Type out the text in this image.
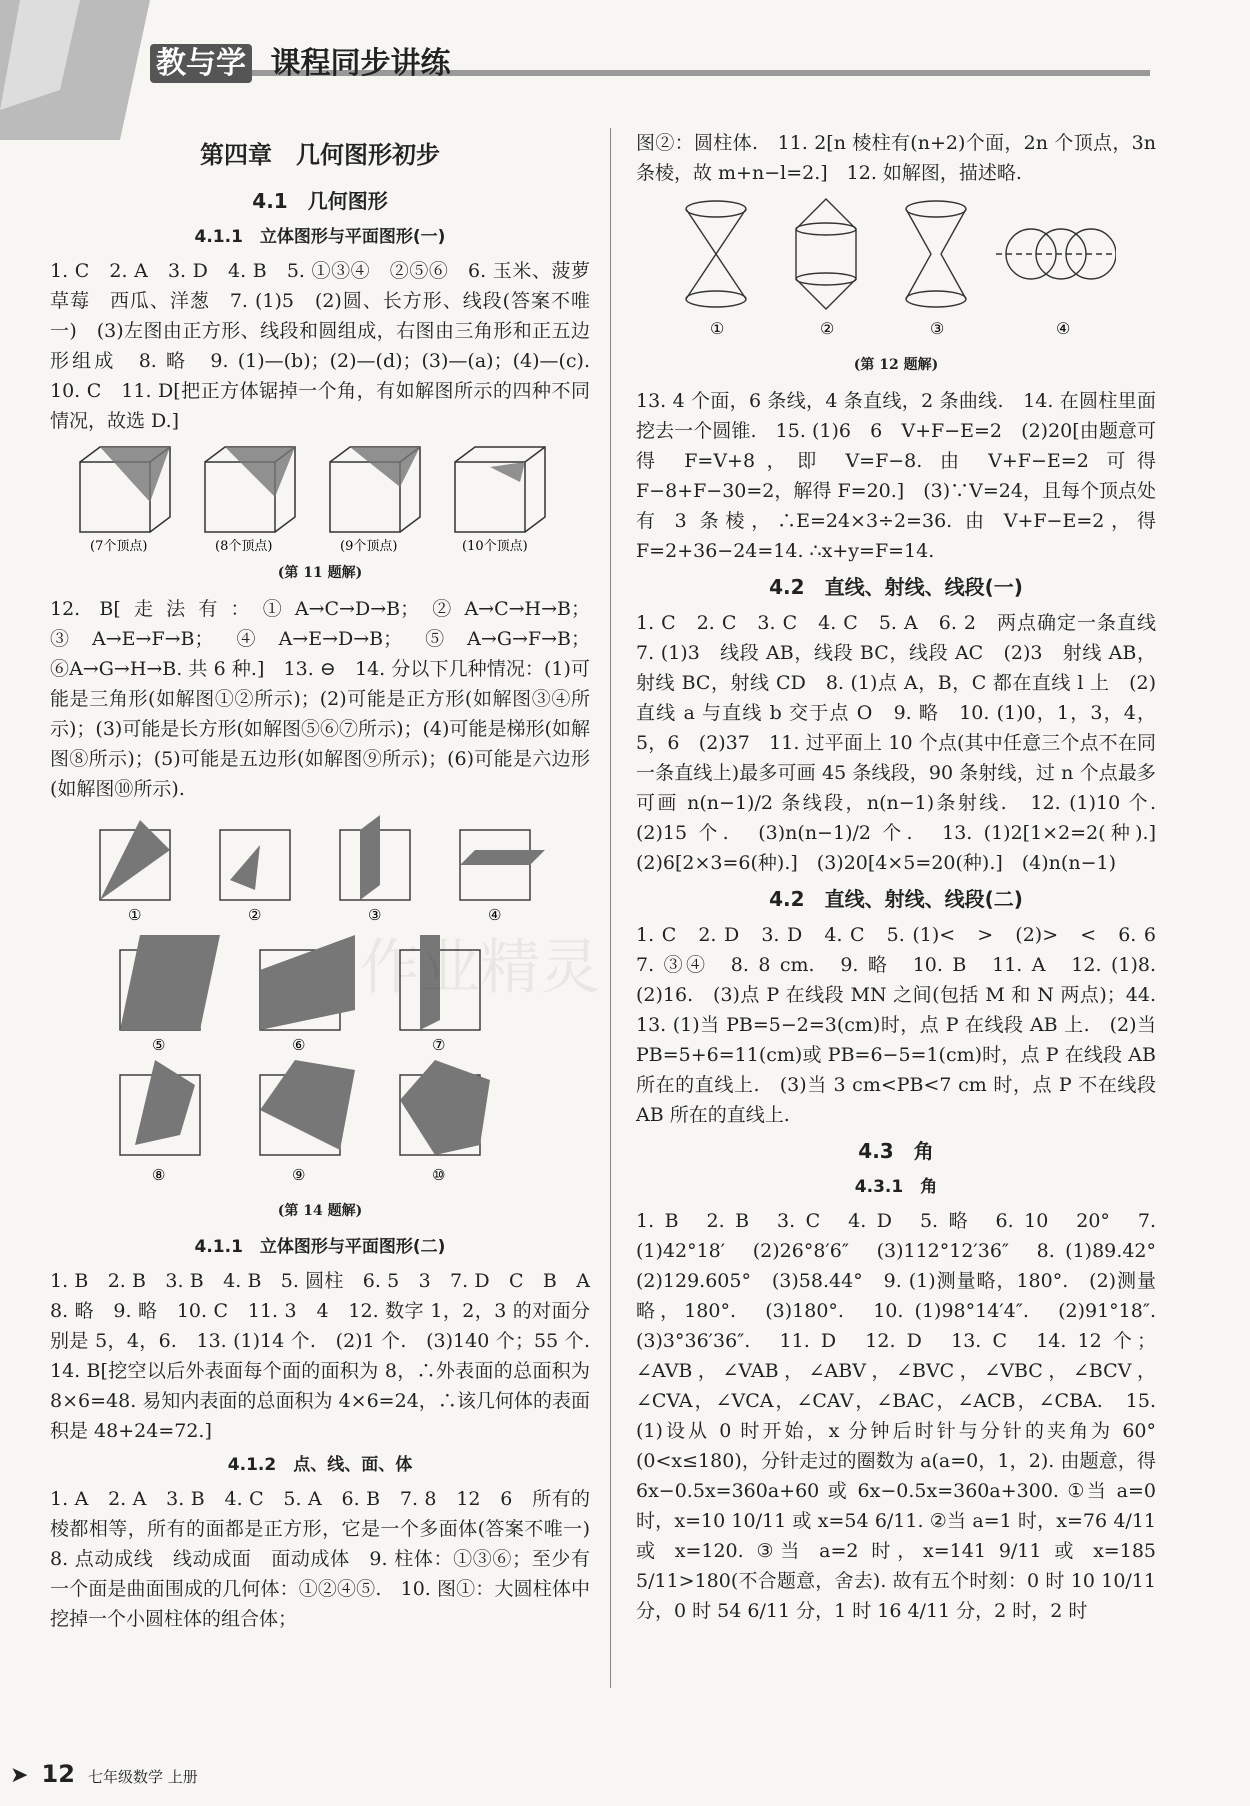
教与学 课程同步讲练
第四章　几何图形初步
4.1　几何图形
4.1.1　立体图形与平面图形(一)

1. C　2. A　3. D　4. B　5. ①③④　②⑤⑥　6. 玉米、菠萝　草莓　西瓜、洋葱　7. (1)5　(2)圆、长方形、线段(答案不唯一)　(3)左图由正方形、线段和圆组成，右图由三角形和正五边形组成　8. 略　9. (1)—(b)；(2)—(d)；(3)—(a)；(4)—(c).　10. C　11. D[把正方体锯掉一个角，有如解图所示的四种不同情况，故选 D.]

(7个顶点)	(8个顶点)	(9个顶点)	(10个顶点)
(第 11 题解)

12. B[走法有：①A→C→D→B；②A→C→H→B；③A→E→F→B；④A→E→D→B；⑤A→G→F→B；⑥A→G→H→B. 共 6 种.]　13. ⊖　14. 分以下几种情况：(1)可能是三角形(如解图①②所示)；(2)可能是正方形(如解图③④所示)；(3)可能是长方形(如解图⑤⑥⑦所示)；(4)可能是梯形(如解图⑧所示)；(5)可能是五边形(如解图⑨所示)；(6)可能是六边形(如解图⑩所示).

①	②	③	④
⑤	⑥	⑦
⑧	⑨	⑩
(第 14 题解)
4.1.1　立体图形与平面图形(二)

1. B　2. B　3. B　4. B　5. 圆柱　6. 5　3　7. D　C　B　A　8. 略　9. 略　10. C　11. 3　4　12. 数字 1，2，3 的对面分别是 5，4，6.　13. (1)14 个.　(2)1 个.　(3)140 个；55 个.　14. B[挖空以后外表面每个面的面积为 8，∴外表面的总面积为 8×6=48. 易知内表面的总面积为 4×6=24，∴该几何体的表面积是 48+24=72.]

4.1.2　点、线、面、体

1. A　2. A　3. B　4. C　5. A　6. B　7. 8　12　6　所有的棱都相等，所有的面都是正方形，它是一个多面体(答案不唯一)　8. 点动成线　线动成面　面动成体　9. 柱体：①③⑥；至少有一个面是曲面围成的几何体：①②④⑤.　10. 图①：大圆柱体中挖掉一个小圆柱体的组合体；

图②：圆柱体.　11. 2[n 棱柱有(n+2)个面，2n 个顶点，3n 条棱，故 m+n−l=2.]　12. 如解图，描述略.

①	②	③	④
(第 12 题解)

13. 4 个面，6 条线，4 条直线，2 条曲线.　14. 在圆柱里面挖去一个圆锥.　15. (1)6　6　V+F−E=2　(2)20[由题意可得 F=V+8，即 V=F−8. 由 V+F−E=2 可得 F−8+F−30=2，解得 F=20.]　(3)∵V=24，且每个顶点处有 3 条棱，∴E=24×3÷2=36. 由 V+F−E=2，得 F=2+36−24=14. ∴x+y=F=14.

4.2　直线、射线、线段(一)

1. C　2. C　3. C　4. C　5. A　6. 2　两点确定一条直线　7. (1)3　线段 AB，线段 BC，线段 AC　(2)3　射线 AB，射线 BC，射线 CD　8. (1)点 A，B，C 都在直线 l 上　(2)直线 a 与直线 b 交于点 O　9. 略　10. (1)0，1，3，4，5，6　(2)37　11. 过平面上 10 个点(其中任意三个点不在同一条直线上)最多可画 45 条线段，90 条射线，过 n 个点最多可画 n(n−1)/2 条线段，n(n−1)条射线.　12. (1)10 个.　(2)15 个.　(3)n(n−1)/2 个.　13. (1)2[1×2=2(种).]　(2)6[2×3=6(种).]　(3)20[4×5=20(种).]　(4)n(n−1)

4.2　直线、射线、线段(二)

1. C　2. D　3. D　4. C　5. (1)<　>　(2)>　<　6. 6　7. ③④　8. 8 cm.　9. 略　10. B　11. A　12. (1)8.　(2)16.　(3)点 P 在线段 MN 之间(包括 M 和 N 两点)；44.　13. (1)当 PB=5−2=3(cm)时，点 P 在线段 AB 上.　(2)当 PB=5+6=11(cm)或 PB=6−5=1(cm)时，点 P 在线段 AB 所在的直线上.　(3)当 3 cm<PB<7 cm 时，点 P 不在线段 AB 所在的直线上.

4.3　角
4.3.1　角

1. B　2. B　3. C　4. D　5. 略　6. 10　20°　7. (1)42°18′　(2)26°8′6″　(3)112°12′36″　8. (1)89.42°　(2)129.605°　(3)58.44°　9. (1)测量略，180°.　(2)测量略，180°.　(3)180°.　10. (1)98°14′4″.　(2)91°18″.　(3)3°36′36″.　11. D　12. D　13. C　14. 12 个；∠AVB，∠VAB，∠ABV，∠BVC，∠VBC，∠BCV，∠CVA，∠VCA，∠CAV，∠BAC，∠ACB，∠CBA.　15. (1)设从 0 时开始，x 分钟后时针与分针的夹角为 60°(0<x≤180)，分针走过的圈数为 a(a=0，1，2). 由题意，得 6x−0.5x=360a+60 或 6x−0.5x=360a+300. ①当 a=0 时，x=10 10/11 或 x=54 6/11. ②当 a=1 时，x=76 4/11 或 x=120. ③当 a=2 时，x=141 9/11 或 x=185 5/11>180(不合题意，舍去). 故有五个时刻：0 时 10 10/11 分，0 时 54 6/11 分，1 时 16 4/11 分，2 时，2 时

作业精灵
➤ 12 七年级数学 上册
